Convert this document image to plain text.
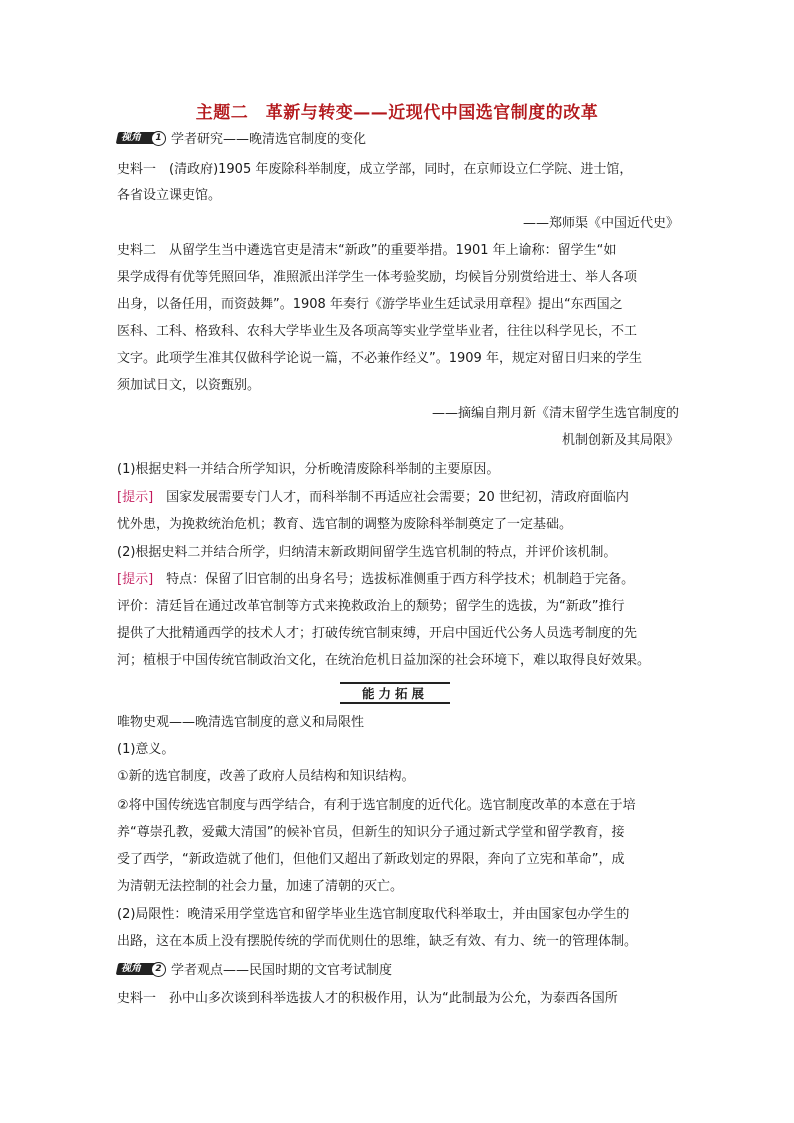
主题二　革新与转变——近现代中国选官制度的改革
视角	1 学者研究——晚清选官制度的变化
史料一　(清政府)1905 年废除科举制度，成立学部，同时，在京师设立仁学院、进士馆，
各省设立课吏馆。
——郑师渠《中国近代史》
史料二　从留学生当中遴选官吏是清末“新政”的重要举措。1901 年上谕称：留学生“如
果学成得有优等凭照回华，准照派出洋学生一体考验奖励，均候旨分别赏给进士、举人各项
出身，以备任用，而资鼓舞”。1908 年奏行《游学毕业生廷试录用章程》提出“东西国之
医科、工科、格致科、农科大学毕业生及各项高等实业学堂毕业者，往往以科学见长，不工
文字。此项学生准其仅做科学论说一篇，不必兼作经义”。1909 年，规定对留日归来的学生
须加试日文，以资甄别。
——摘编自荆月新《清末留学生选官制度的
机制创新及其局限》
(1)根据史料一并结合所学知识，分析晚清废除科举制的主要原因。
[提示]　 国家发展需要专门人才，而科举制不再适应社会需要；20 世纪初，清政府面临内
忧外患，为挽救统治危机；教育、选官制的调整为废除科举制奠定了一定基础。
(2)根据史料二并结合所学，归纳清末新政期间留学生选官机制的特点，并评价该机制。
[提示]　 特点：保留了旧官制的出身名号；选拔标准侧重于西方科学技术；机制趋于完备。
评价：清廷旨在通过改革官制等方式来挽救政治上的颓势；留学生的选拔，为“新政”推行
提供了大批精通西学的技术人才；打破传统官制束缚，开启中国近代公务人员选考制度的先
河；植根于中国传统官制政治文化，在统治危机日益加深的社会环境下，难以取得良好效果。
能力拓展
唯物史观——晚清选官制度的意义和局限性
(1)意义。
①新的选官制度，改善了政府人员结构和知识结构。
②将中国传统选官制度与西学结合，有利于选官制度的近代化。选官制度改革的本意在于培
养“尊崇孔教，爱戴大清国”的候补官员，但新生的知识分子通过新式学堂和留学教育，接
受了西学，“新政造就了他们，但他们又超出了新政划定的界限，奔向了立宪和革命”，成
为清朝无法控制的社会力量，加速了清朝的灭亡。
(2)局限性：晚清采用学堂选官和留学毕业生选官制度取代科举取士，并由国家包办学生的
出路，这在本质上没有摆脱传统的学而优则仕的思维，缺乏有效、有力、统一的管理体制。
视角	2 学者观点——民国时期的文官考试制度
史料一　孙中山多次谈到科举选拔人才的积极作用，认为“此制最为公允，为泰西各国所
